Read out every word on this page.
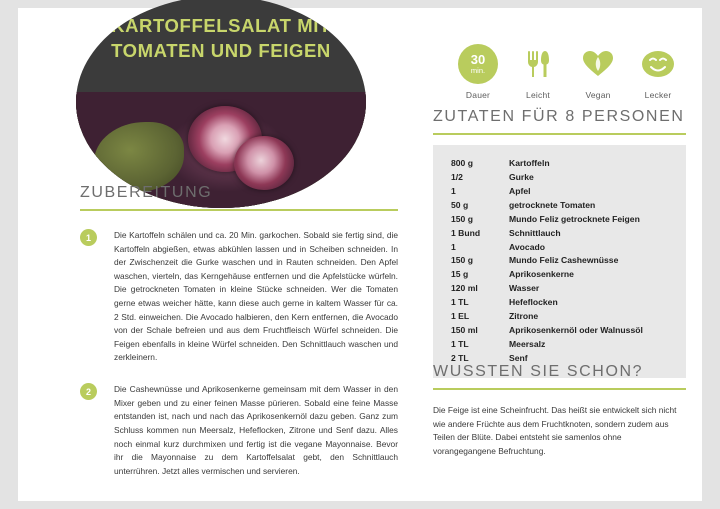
KARTOFFELSALAT MIT TOMATEN UND FEIGEN	30
min.
Dauer	Leicht	Vegan	Lecker
ZUBEREITUNG
1	Die Kartoffeln schälen und ca. 20 Min. garkochen. Sobald sie fertig sind, die Kartoffeln abgießen, etwas abkühlen lassen und in Scheiben schneiden. In der Zwischenzeit die Gurke waschen und in Rauten schneiden. Den Apfel waschen, vierteln, das Kerngehäuse entfernen und die Apfelstücke würfeln. Die getrockneten Tomaten in kleine Stücke schneiden. Wer die Tomaten gerne etwas weicher hätte, kann diese auch gerne in kaltem Wasser für ca. 2 Std. einweichen. Die Avocado halbieren, den Kern entfernen, die Avocado von der Schale befreien und aus dem Fruchtfleisch Würfel schneiden. Die Feigen ebenfalls in kleine Würfel schneiden. Den Schnittlauch waschen und zerkleinern.
2	Die Cashewnüsse und Aprikosenkerne gemeinsam mit dem Wasser in den Mixer geben und zu einer feinen Masse pürieren. Sobald eine feine Masse entstanden ist, nach und nach das Aprikosenkernöl dazu geben. Ganz zum Schluss kommen nun Meersalz, Hefeflocken, Zitrone und Senf dazu. Alles noch einmal kurz durchmixen und fertig ist die vegane Mayonnaise. Bevor ihr die Mayonnaise zu dem Kartoffelsalat gebt, den Schnittlauch unterrühren. Jetzt alles vermischen und servieren.
ZUTATEN FÜR 8 PERSONEN
800 g	Kartoffeln
1/2	Gurke
1	Apfel
50 g	getrocknete Tomaten
150 g	Mundo Feliz getrocknete Feigen
1 Bund	Schnittlauch
1	Avocado
150 g	Mundo Feliz Cashewnüsse
15 g	Aprikosenkerne
120 ml	Wasser
1 TL	Hefeflocken
1 EL	Zitrone
150 ml	Aprikosenkernöl oder Walnussöl
1 TL	Meersalz
2 TL	Senf
WUSSTEN SIE SCHON?
Die Feige ist eine Scheinfrucht. Das heißt sie entwickelt sich nicht wie andere Früchte aus dem Fruchtknoten, sondern zudem aus Teilen der Blüte. Dabei entsteht sie samenlos ohne vorangegangene Befruchtung.
